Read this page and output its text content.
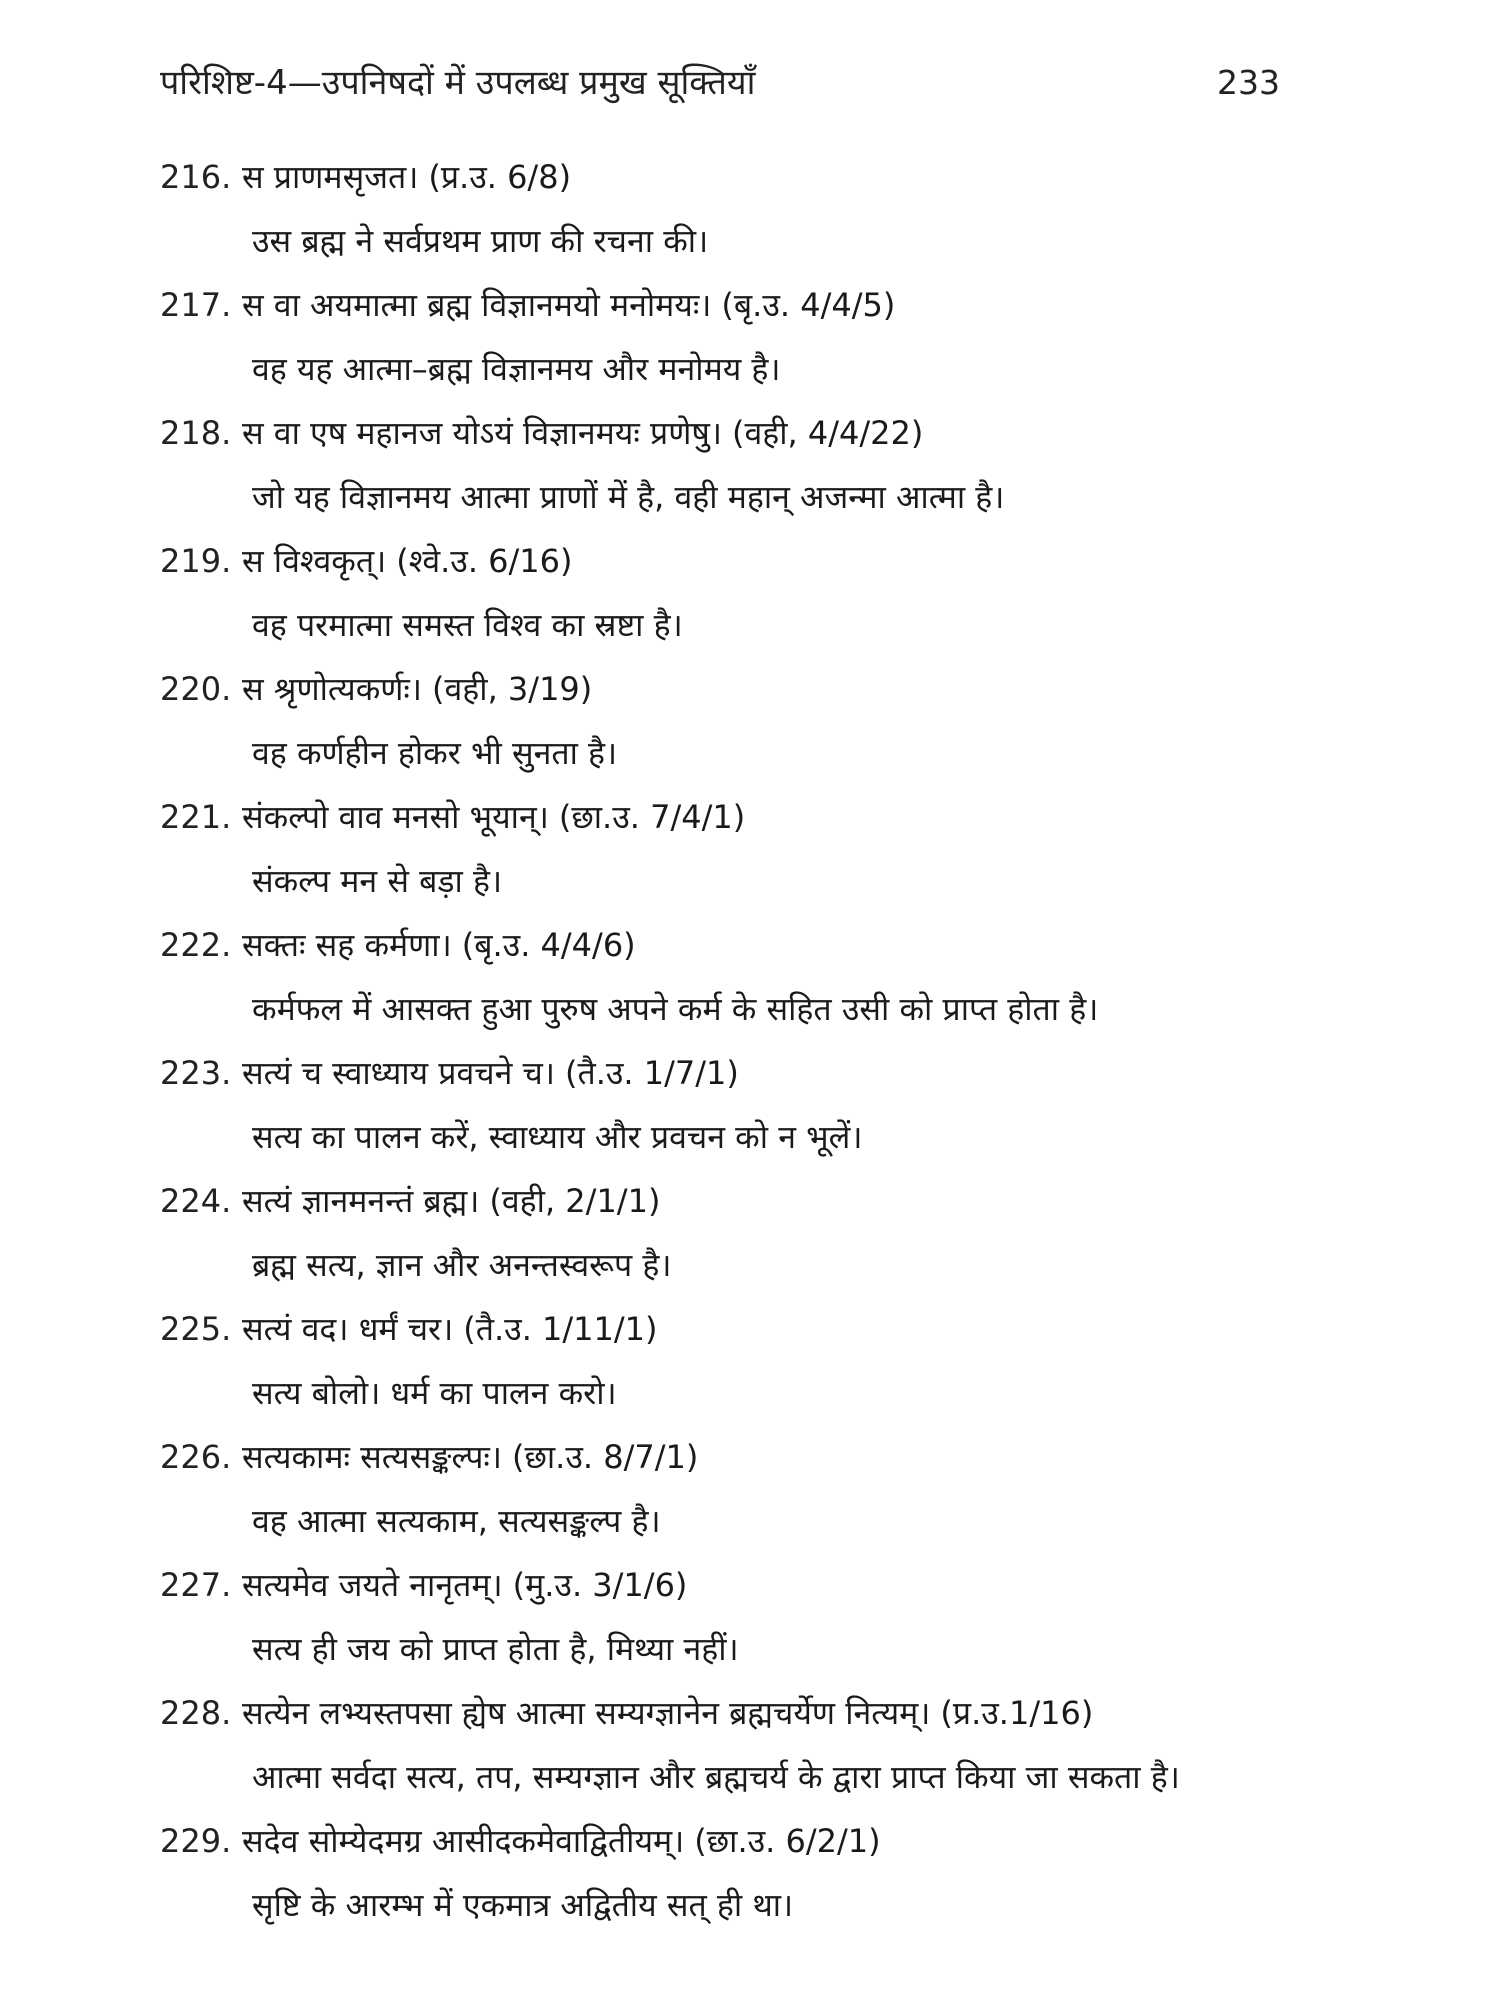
परिशिष्ट-4—उपनिषदों में उपलब्ध प्रमुख सूक्तियाँ	233
216. स प्राणमसृजत। (प्र.उ. 6/8)
उस ब्रह्म ने सर्वप्रथम प्राण की रचना की।
217. स वा अयमात्मा ब्रह्म विज्ञानमयो मनोमयः। (बृ.उ. 4/4/5)
वह यह आत्मा–ब्रह्म विज्ञानमय और मनोमय है।
218. स वा एष महानज योऽयं विज्ञानमयः प्रणेषु। (वही, 4/4/22)
जो यह विज्ञानमय आत्मा प्राणों में है, वही महान् अजन्मा आत्मा है।
219. स विश्वकृत्। (श्वे.उ. 6/16)
वह परमात्मा समस्त विश्व का स्रष्टा है।
220. स श्रृणोत्यकर्णः। (वही, 3/19)
वह कर्णहीन होकर भी सुनता है।
221. संकल्पो वाव मनसो भूयान्। (छा.उ. 7/4/1)
संकल्प मन से बड़ा है।
222. सक्तः सह कर्मणा। (बृ.उ. 4/4/6)
कर्मफल में आसक्त हुआ पुरुष अपने कर्म के सहित उसी को प्राप्त होता है।
223. सत्यं च स्वाध्याय प्रवचने च। (तै.उ. 1/7/1)
सत्य का पालन करें, स्वाध्याय और प्रवचन को न भूलें।
224. सत्यं ज्ञानमनन्तं ब्रह्म। (वही, 2/1/1)
ब्रह्म सत्य, ज्ञान और अनन्तस्वरूप है।
225. सत्यं वद। धर्मं चर। (तै.उ. 1/11/1)
सत्य बोलो। धर्म का पालन करो।
226. सत्यकामः सत्यसङ्कल्पः। (छा.उ. 8/7/1)
वह आत्मा सत्यकाम, सत्यसङ्कल्प है।
227. सत्यमेव जयते नानृतम्। (मु.उ. 3/1/6)
सत्य ही जय को प्राप्त होता है, मिथ्या नहीं।
228. सत्येन लभ्यस्तपसा ह्येष आत्मा सम्यग्ज्ञानेन ब्रह्मचर्येण नित्यम्। (प्र.उ.1/16)
आत्मा सर्वदा सत्य, तप, सम्यग्ज्ञान और ब्रह्मचर्य के द्वारा प्राप्त किया जा सकता है।
229. सदेव सोम्येदमग्र आसीदकमेवाद्वितीयम्। (छा.उ. 6/2/1)
सृष्टि के आरम्भ में एकमात्र अद्वितीय सत् ही था।
